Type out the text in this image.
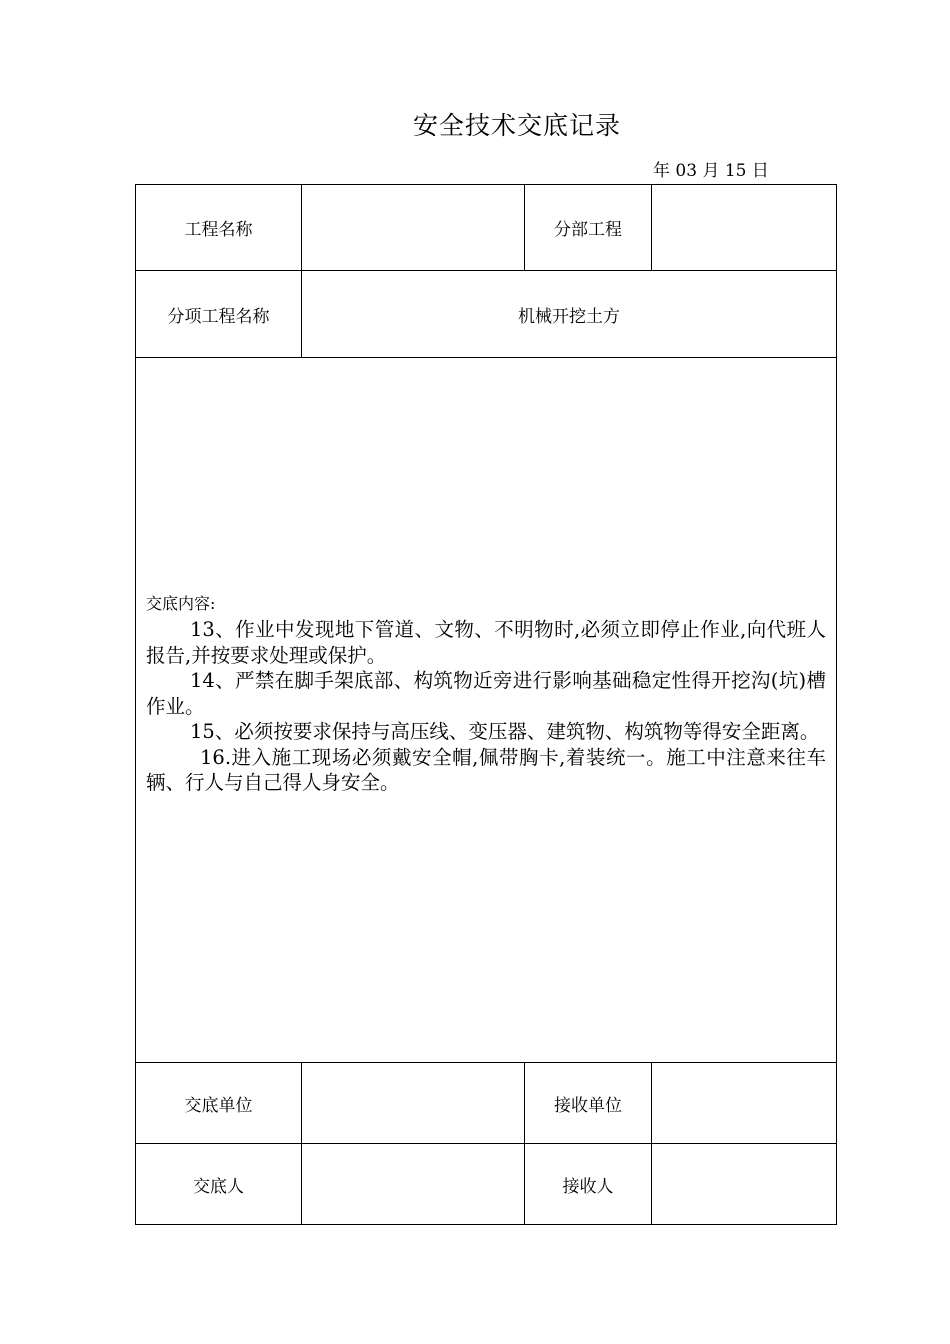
安全技术交底记录
年 03 月 15 日
工程名称		分部工程	
分项工程名称	机械开挖土方		

交底内容:

13、作业中发现地下管道、文物、不明物时,必须立即停止作业,向代班人报告,并按要求处理或保护。

14、严禁在脚手架底部、构筑物近旁进行影响基础稳定性得开挖沟(坑)槽作业。

15、必须按要求保持与高压线、变压器、建筑物、构筑物等得安全距离。

16.进入施工现场必须戴安全帽,佩带胸卡,着装统一。施工中注意来往车辆、行人与自己得人身安全。			

交底单位		接收单位	
交底人		接收人	
